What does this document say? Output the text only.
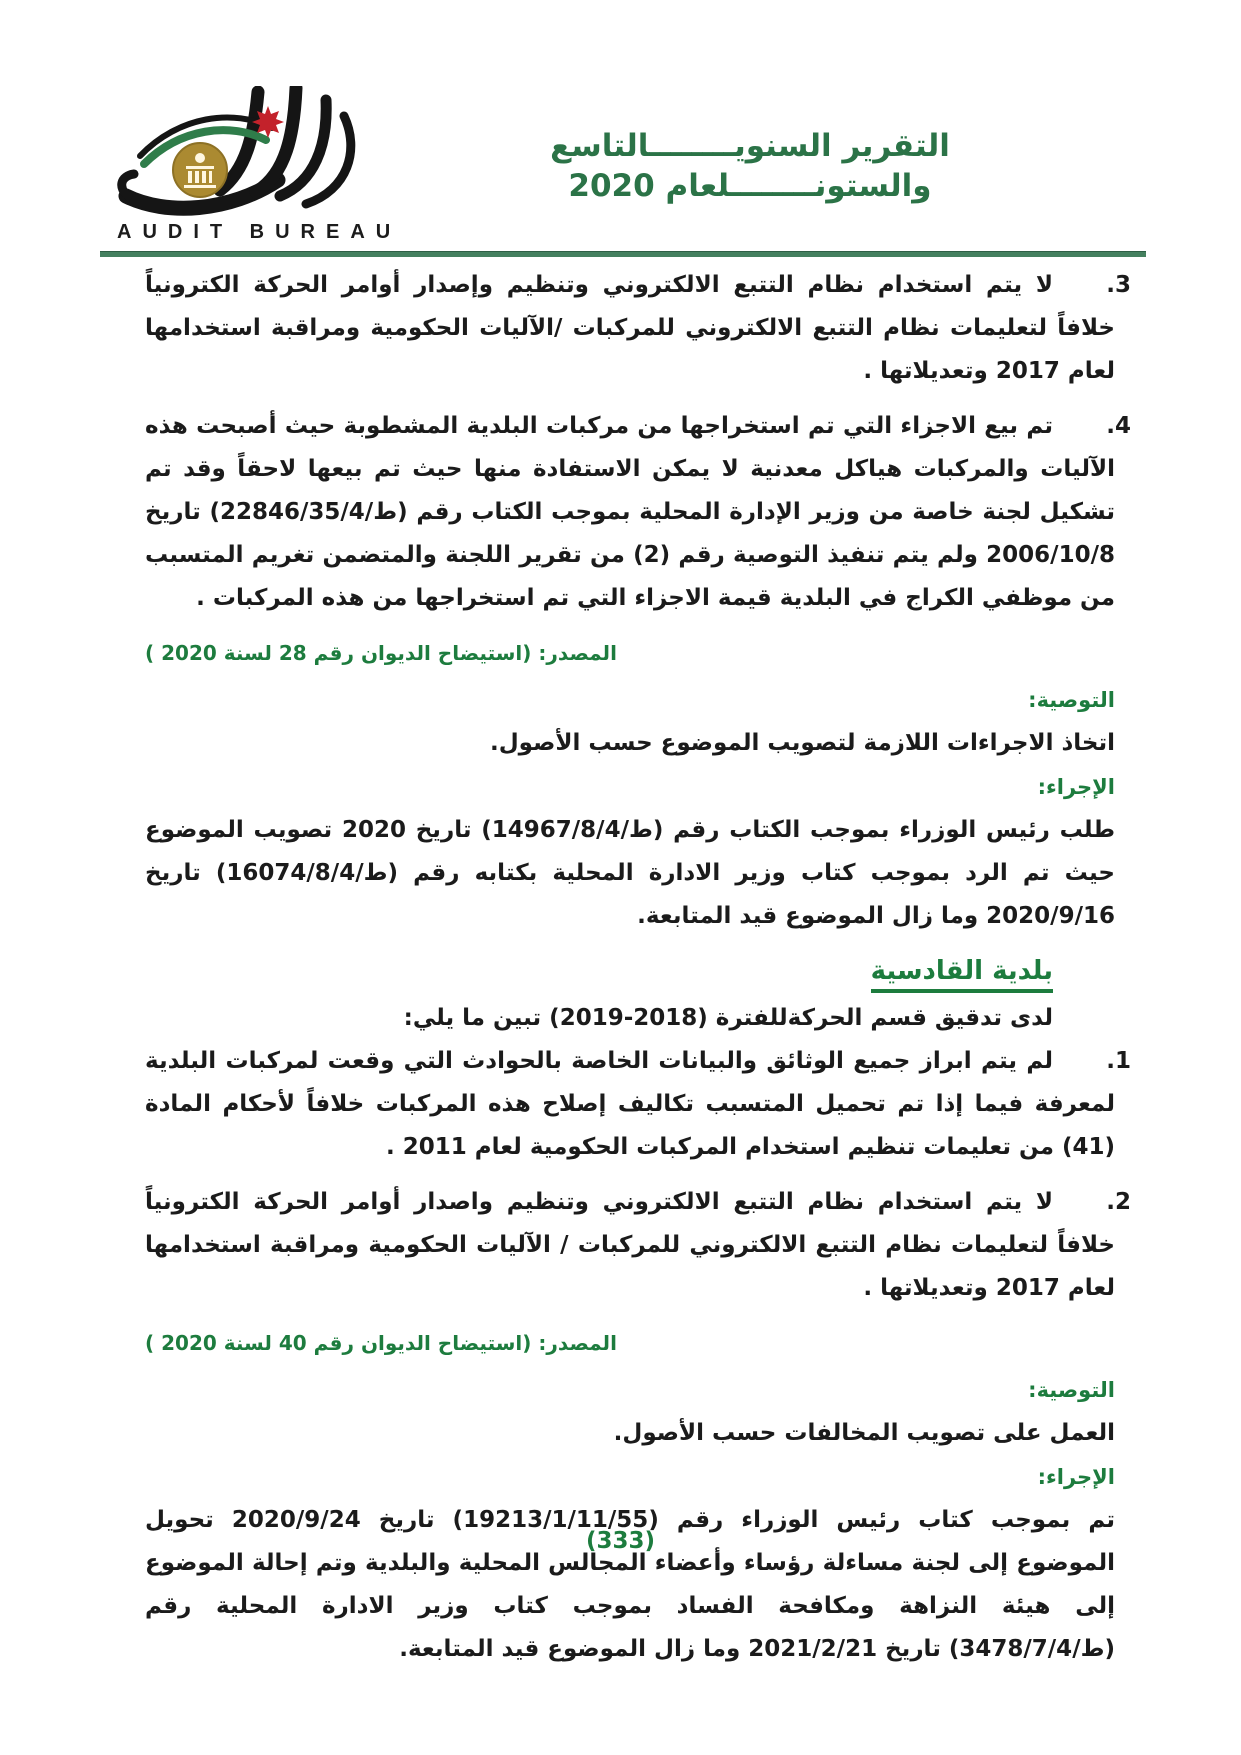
AUDIT BUREAU
التقرير السنويــــــــالتاسع والستونــــــــلعام 2020
3.

لا يتم استخدام نظام التتبع الالكتروني وتنظيم وإصدار أوامر الحركة الكترونياً خلافاً لتعليمات نظام التتبع الالكتروني للمركبات /الآليات الحكومية ومراقبة استخدامها لعام 2017 وتعديلاتها .

4.

تم بيع الاجزاء التي تم استخراجها من مركبات البلدية المشطوبة حيث أصبحت هذه الآليات والمركبات هياكل معدنية لا يمكن الاستفادة منها حيث تم بيعها لاحقاً وقد تم تشكيل لجنة خاصة من وزير الإدارة المحلية بموجب الكتاب رقم (ط/22846/35/4) تاريخ 2006/10/8 ولم يتم تنفيذ التوصية رقم (2) من تقرير اللجنة والمتضمن تغريم المتسبب من موظفي الكراج في البلدية قيمة الاجزاء التي تم استخراجها من هذه المركبات .

المصدر: (استيضاح الديوان رقم 28 لسنة 2020 )

التوصية:

اتخاذ الاجراءات اللازمة لتصويب الموضوع حسب الأصول.

الإجراء:

طلب رئيس الوزراء بموجب الكتاب رقم (ط/14967/8/4) تاريخ 2020 تصويب الموضوع حيث تم الرد بموجب كتاب وزير الادارة المحلية بكتابه رقم (ط/16074/8/4) تاريخ 2020/9/16 وما زال الموضوع قيد المتابعة.

بلدية القادسية

لدى تدقيق قسم الحركةللفترة (2018-2019) تبين ما يلي:

1.

لم يتم ابراز جميع الوثائق والبيانات الخاصة بالحوادث التي وقعت لمركبات البلدية لمعرفة فيما إذا تم تحميل المتسبب تكاليف إصلاح هذه المركبات خلافاً لأحكام المادة (41) من تعليمات تنظيم استخدام المركبات الحكومية لعام 2011 .

2.

لا يتم استخدام نظام التتبع الالكتروني وتنظيم واصدار أوامر الحركة الكترونياً خلافاً لتعليمات نظام التتبع الالكتروني للمركبات / الآليات الحكومية ومراقبة استخدامها لعام 2017 وتعديلاتها .

المصدر: (استيضاح الديوان رقم 40 لسنة 2020 )

التوصية:

العمل على تصويب المخالفات حسب الأصول.

الإجراء:

تم بموجب كتاب رئيس الوزراء رقم (19213/1/11/55) تاريخ 2020/9/24 تحويل الموضوع إلى لجنة مساءلة رؤساء وأعضاء المجالس المحلية والبلدية وتم إحالة الموضوع إلى هيئة النزاهة ومكافحة الفساد بموجب كتاب وزير الادارة المحلية رقم (ط/3478/7/4) تاريخ 2021/2/21 وما زال الموضوع قيد المتابعة.

(333)
